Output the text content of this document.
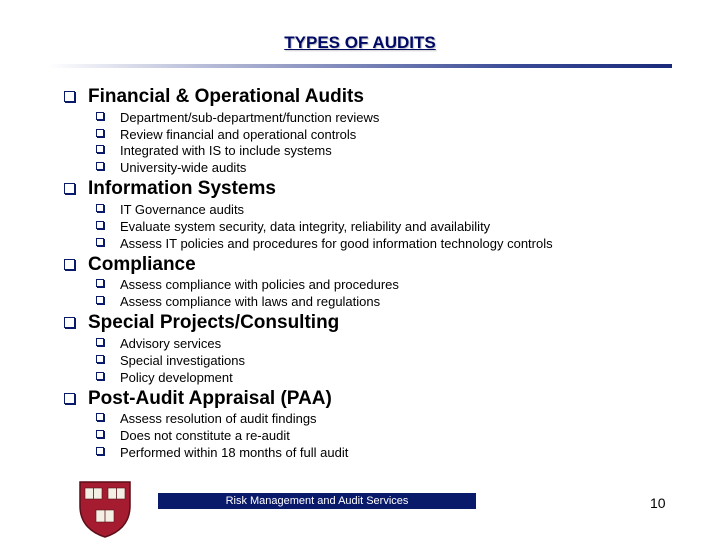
TYPES OF AUDITS
Financial & Operational Audits
Department/sub-department/function reviews
Review financial and operational controls
Integrated with IS to include systems
University-wide audits
Information Systems
IT Governance audits
Evaluate system security, data integrity, reliability and availability
Assess IT policies and procedures for good information technology controls
Compliance
Assess compliance with policies and procedures
Assess compliance with laws and regulations
Special Projects/Consulting
Advisory services
Special investigations
Policy development
Post-Audit Appraisal (PAA)
Assess resolution of audit findings
Does not constitute a re-audit
Performed within 18 months of full audit
Risk Management and Audit Services	10
